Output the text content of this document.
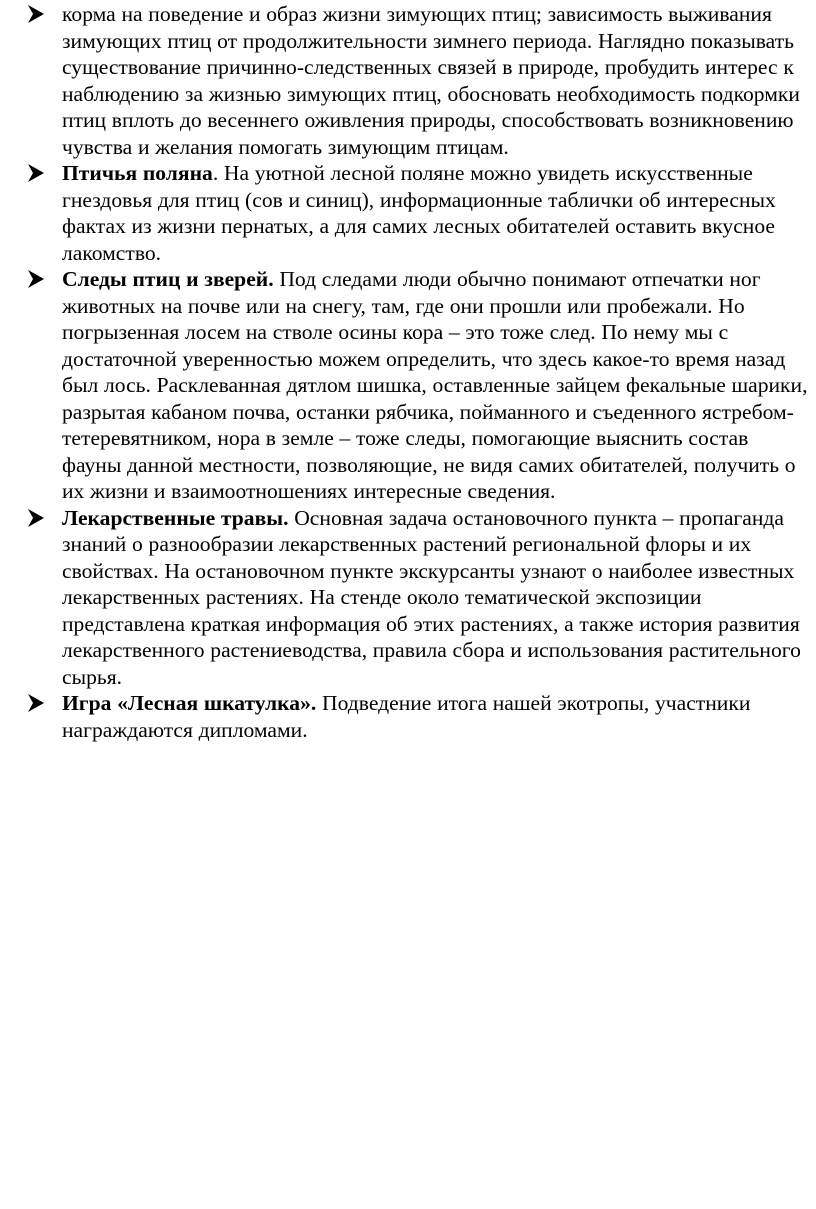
корма на поведение и образ жизни зимующих птиц; зависимость выживания зимующих птиц от продолжительности зимнего периода. Наглядно показывать существование причинно-следственных связей в природе, пробудить интерес к наблюдению за жизнью зимующих птиц, обосновать необходимость подкормки птиц вплоть до весеннего оживления природы, способствовать возникновению чувства и желания помогать зимующим птицам.
Птичья поляна. На уютной лесной поляне можно увидеть искусственные гнездовья для птиц (сов и синиц), информационные таблички об интересных фактах из жизни пернатых, а для самих лесных обитателей оставить вкусное лакомство.
Следы птиц и зверей. Под следами люди обычно понимают отпечатки ног животных на почве или на снегу, там, где они прошли или пробежали. Но погрызенная лосем на стволе осины кора – это тоже след. По нему мы с достаточной уверенностью можем определить, что здесь какое-то время назад был лось. Расклеванная дятлом шишка, оставленные зайцем фекальные шарики, разрытая кабаном почва, останки рябчика, пойманного и съеденного ястребом-тетеревятником, нора в земле – тоже следы, помогающие выяснить состав фауны данной местности, позволяющие, не видя самих обитателей, получить о их жизни и взаимоотношениях интересные сведения.
Лекарственные травы. Основная задача остановочного пункта – пропаганда знаний о разнообразии лекарственных растений региональной флоры и их свойствах. На остановочном пункте экскурсанты узнают о наиболее известных лекарственных растениях. На стенде около тематической экспозиции представлена краткая информация об этих растениях, а также история развития лекарственного растениеводства, правила сбора и использования растительного сырья.
Игра «Лесная шкатулка». Подведение итога нашей экотропы, участники награждаются дипломами.
